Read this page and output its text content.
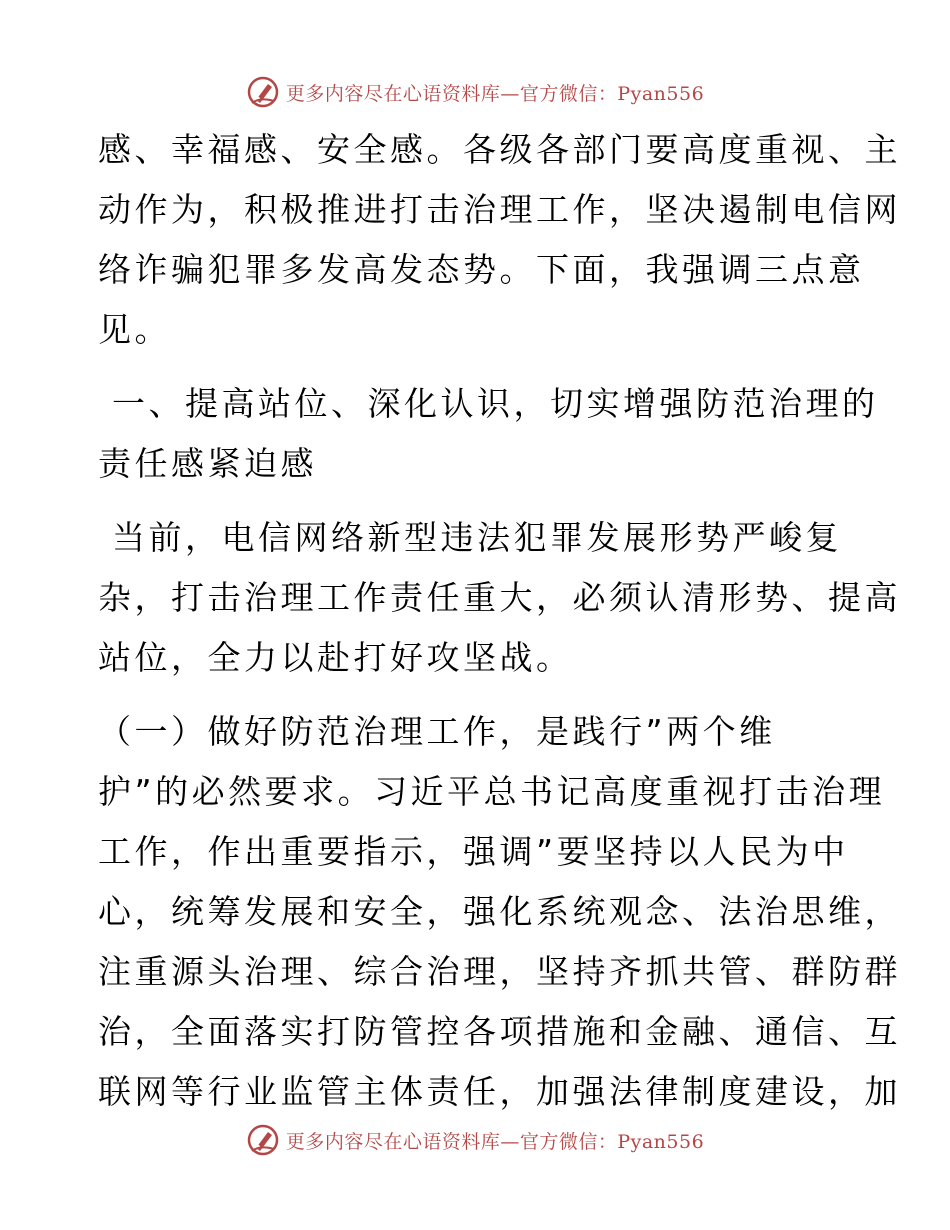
更多内容尽在心语资料库—官方微信：Pyan556
感、幸福感、安全感。各级各部门要高度重视、主
动作为，积极推进打击治理工作，坚决遏制电信网
络诈骗犯罪多发高发态势。下面，我强调三点意
见。
一、提高站位、深化认识，切实增强防范治理的
责任感紧迫感
当前，电信网络新型违法犯罪发展形势严峻复
杂，打击治理工作责任重大，必须认清形势、提高
站位，全力以赴打好攻坚战。
（一）做好防范治理工作，是践行”两个维
护”的必然要求。习近平总书记高度重视打击治理
工作，作出重要指示，强调”要坚持以人民为中
心，统筹发展和安全，强化系统观念、法治思维，
注重源头治理、综合治理，坚持齐抓共管、群防群
治，全面落实打防管控各项措施和金融、通信、互
联网等行业监管主体责任，加强法律制度建设，加
更多内容尽在心语资料库—官方微信：Pyan556
